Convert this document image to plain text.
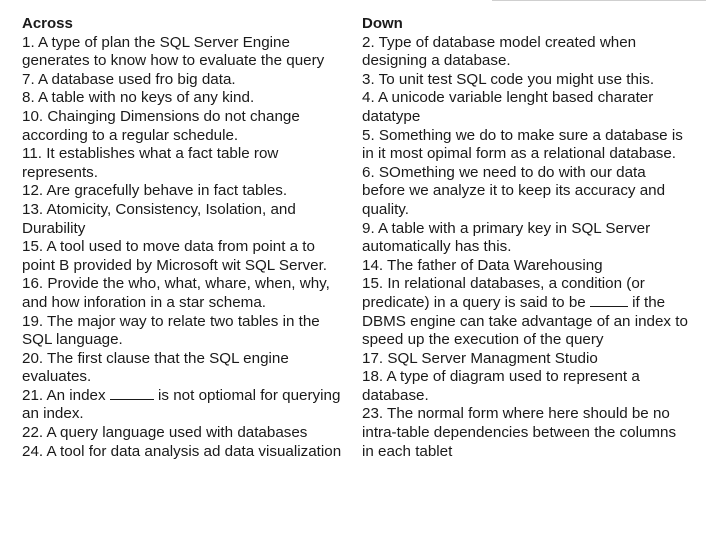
Across
1. A type of plan the SQL Server Engine generates to know how to evaluate the query
7. A database used fro big data.
8. A table with no keys of any kind.
10. Chainging Dimensions do not change according to a regular schedule.
11. It establishes what a fact table row represents.
12. Are gracefully behave in fact tables.
13. Atomicity, Consistency, Isolation, and Durability
15. A tool used to move data from point a to point B provided by Microsoft wit SQL Server.
16. Provide the who, what, whare, when, why, and how inforation in a star schema.
19. The major way to relate two tables in the SQL language.
20. The first clause that the SQL engine evaluates.
21. An index	is not optiomal for querying an index.
22. A query language used with databases
24. A tool for data analysis ad data visualization
Down
2. Type of database model created when designing a database.
3. To unit test SQL code you might use this.
4. A unicode variable lenght based charater datatype
5. Something we do to make sure a database is in it most opimal form as a relational database.
6. SOmething we need to do with our data before we analyze it to keep its accuracy and quality.
9. A table with a primary key in SQL Server automatically has this.
14. The father of Data Warehousing
15. In relational databases, a condition (or predicate) in a query is said to be	if the DBMS engine can take advantage of an index to speed up the execution of the query
17. SQL Server Managment Studio
18. A type of diagram used to represent a database.
23. The normal form where here should be no intra-table dependencies between the columns in each tablet
